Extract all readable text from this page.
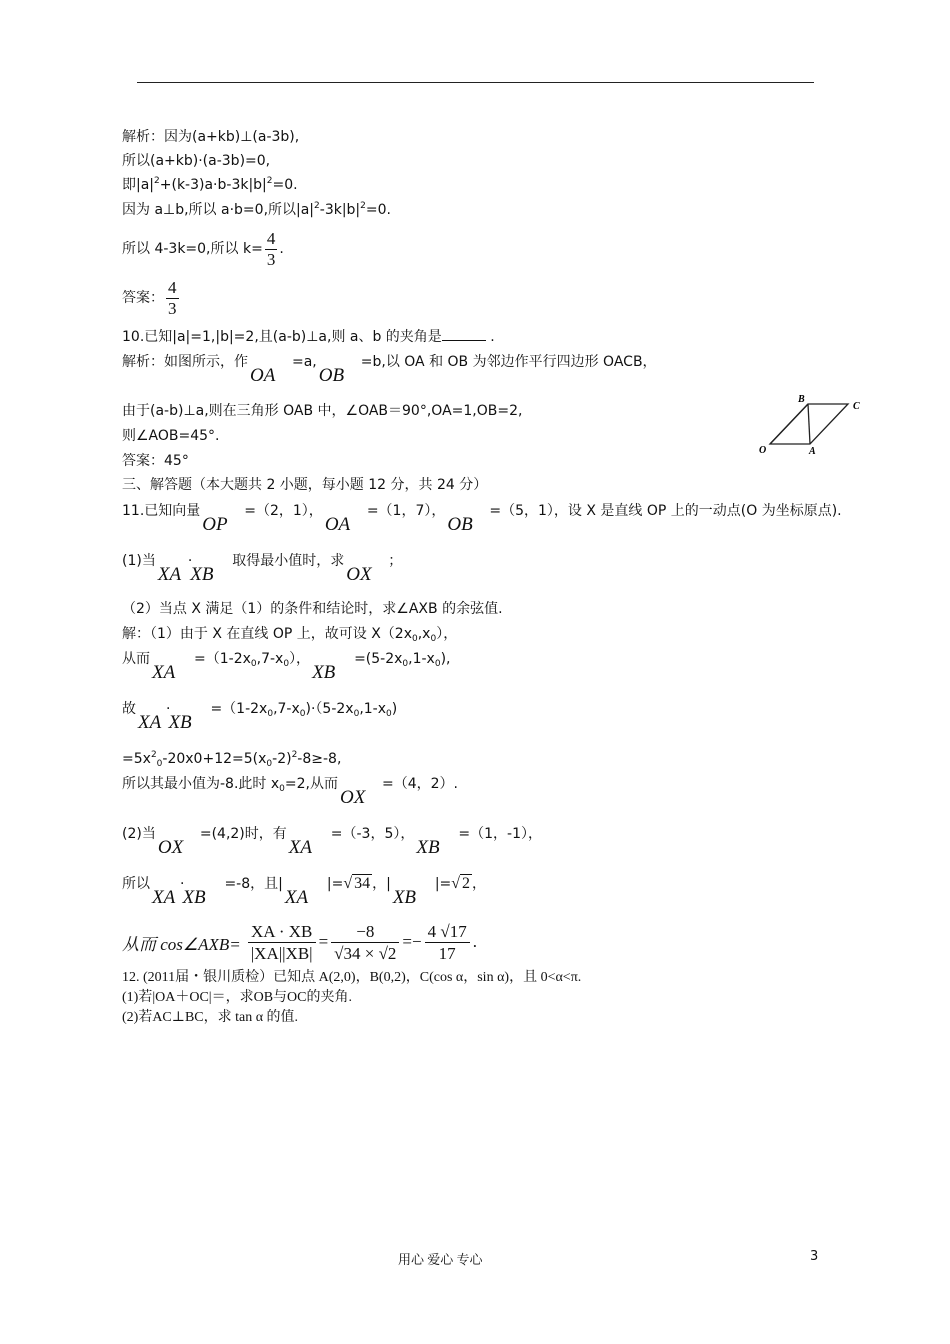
解析：因为(a+kb)⊥(a-3b),
所以(a+kb)·(a-3b)=0,
即$|a|^2+(k-3)a\cdot b-3k|b|^2=0$.
因为 a⊥b,所以 a·b=0,所以$|a|^2-3k|b|^2=0$.
所以 4-3k=0,所以 $k= \frac{4}{3}$ .
答案： $\frac{4}{3}$
10.已知|a|=1,|b|=2,且(a-b)⊥a,则 a、b 的夹角是	.
解析：如图所示，作
OA
=a,
OB
=b,以 OA 和 OB 为邻边作平行四边形 OACB，
由于(a-b)⊥a,则在三角形 OAB 中，∠OAB＝90°,OA=1,OB=2,
则∠AOB=45°.
答案：45°
B
C
O	A
三、解答题（本大题共 2 小题，每小题 12 分，共 24 分）
11.已知向量
OP
=（2，1），
OA
=（1，7），
OB
=（5，1），设 X 是直线 OP 上的一动点(O 为坐标原点).
(1)当
XA
·
XB
取得最小值时，求
OX
；
（2）当点 X 满足（1）的条件和结论时，求∠AXB 的余弦值.
解：（1）由于 X 在直线 OP 上，故可设 $X(2x_0,x_0)$，
从而
XA
$=(1-2x_0,7-x_0)$，
XB
$=(5-2x_0,1-x_0)$,
故
XA
·
XB
$=(1-2x_0,7-x_0)\cdot(5-2x_0,1-x_0)$
$=5x^2_0-20x0+12=5(x_0-2)^2-8\ge-8$,
所以其最小值为-8.此时 $x_0=2$,从而
OX
=（4，2）.
(2)当
OX
=(4,2)时，有
XA
=（-3，5），
XB
=（1，-1），
所以
XA
·
XB
=-8，且|
XA
|=√ 34 ，|
XB
|=√ 2 ，
从而 cos∠AXB= $\frac{XA \cdot XB}{|XA||XB|} = \frac{-8}{√34 \times √2} =- \frac{4 √17}{17}$ .
12. (2011届・银川质检）已知点 A(2,0)，B(0,2)，C(cos α，sin α)，且 0<α<π.
(1)若|OA＋OC|＝，求OB与OC的夹角.
(2)若AC⊥BC，求 tan α 的值.
用心 爱心 专心	3
